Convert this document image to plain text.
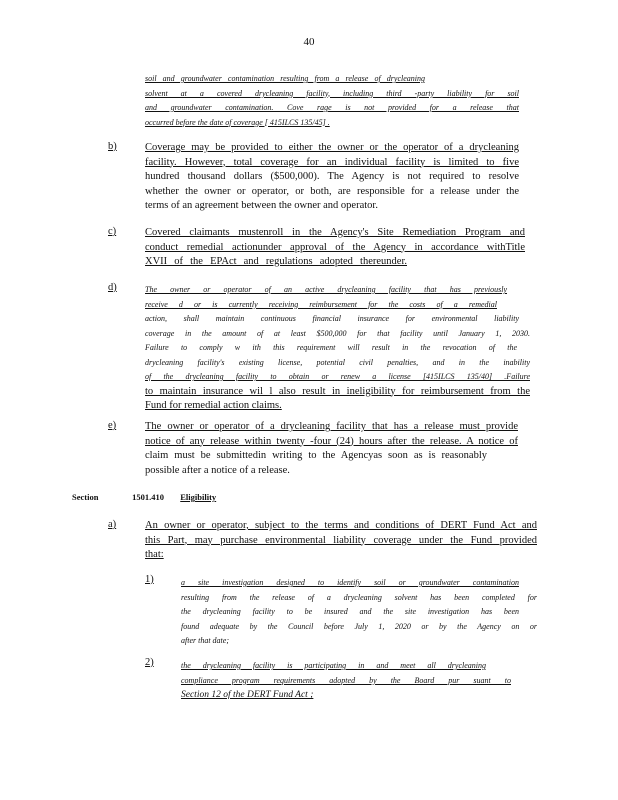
40
soil and groundwater contamination resulting from a release of drycleaning
solvent at a covered drycleaning facility, including third -party liability for soil
and groundwater contamination. Cove rage is not provided for a release that
occurred before the date of coverage [ 415ILCS 135/45] .
b)	Coverage may be provided to either the owner or the operator of a drycleaning
facility. However, total coverage for an individual facility is limited to five
hundred thousand dollars ($500,000). The Agency is not required to resolve
whether the owner or operator, or both, are responsible for a release under the
terms of an agreement between the owner and operator.
c)	Covered claimants mustenroll in the Agency's Site Remediation Program and
conduct remedial actionunder approval of the Agency in accordance withTitle
XVII of the EPAct and regulations adopted thereunder.
d)	The owner or operator of an active drycleaning facility that has previously
receive d or is currently receiving reimbursement for the costs of a remedial
action, shall maintain continuous financial insurance for environmental liability
coverage in the amount of at least $500,000 for that facility until January 1, 2030.
Failure to comply w ith this requirement will result in the revocation of the
drycleaning facility's existing license, potential civil penalties, and in the inability
of the drycleaning facility to obtain or renew a license [415ILCS 135/40] .Failure
to maintain insurance wil l also result in ineligibility for reimbursement from the
Fund for remedial action claims.
e)	The owner or operator of a drycleaning facility that has a release must provide
notice of any release within twenty -four (24) hours after the release. A notice of
claim must be submittedin writing to the Agencyas soon as is reasonably
possible after a notice of a release.
Section	1501.410 Eligibility
a)	An owner or operator, subject to the terms and conditions of DERT Fund Act and
this Part, may purchase environmental liability coverage under the Fund provided
that:
1)	a site investigation designed to identify soil or groundwater contamination
resulting from the release of a drycleaning solvent has been completed for
the drycleaning facility to be insured and the site investigation has been
found adequate by the Council before July 1, 2020 or by the Agency on or
after that date;
2)	the drycleaning facility is participating in and meet all drycleaning
compliance program requirements adopted by the Board pur suant to
Section 12 of the DERT Fund Act ;
